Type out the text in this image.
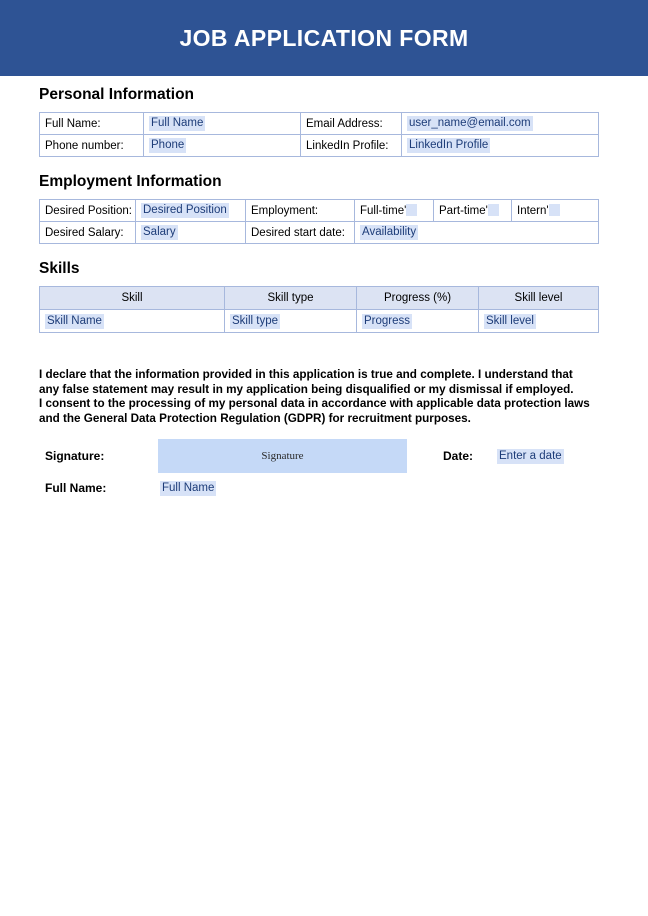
JOB APPLICATION FORM
Personal Information
Full Name:	Full Name	Email Address:	user_name@email.com
Phone number:	Phone	LinkedIn Profile:	LinkedIn Profile
Employment Information
Desired Position:	Desired Position	Employment:	Full-time'	Part-time'	Intern'
Desired Salary:	Salary	Desired start date:	Availability		
Skills
Skill	Skill type	Progress (%)	Skill level
Skill Name	Skill type	Progress	Skill level
I declare that the information provided in this application is true and complete. I understand that
any false statement may result in my application being disqualified or my dismissal if employed.
I consent to the processing of my personal data in accordance with applicable data protection laws
and the General Data Protection Regulation (GDPR) for recruitment purposes.
Signature:	Signature	Date: Enter a date
Full Name:	Full Name
